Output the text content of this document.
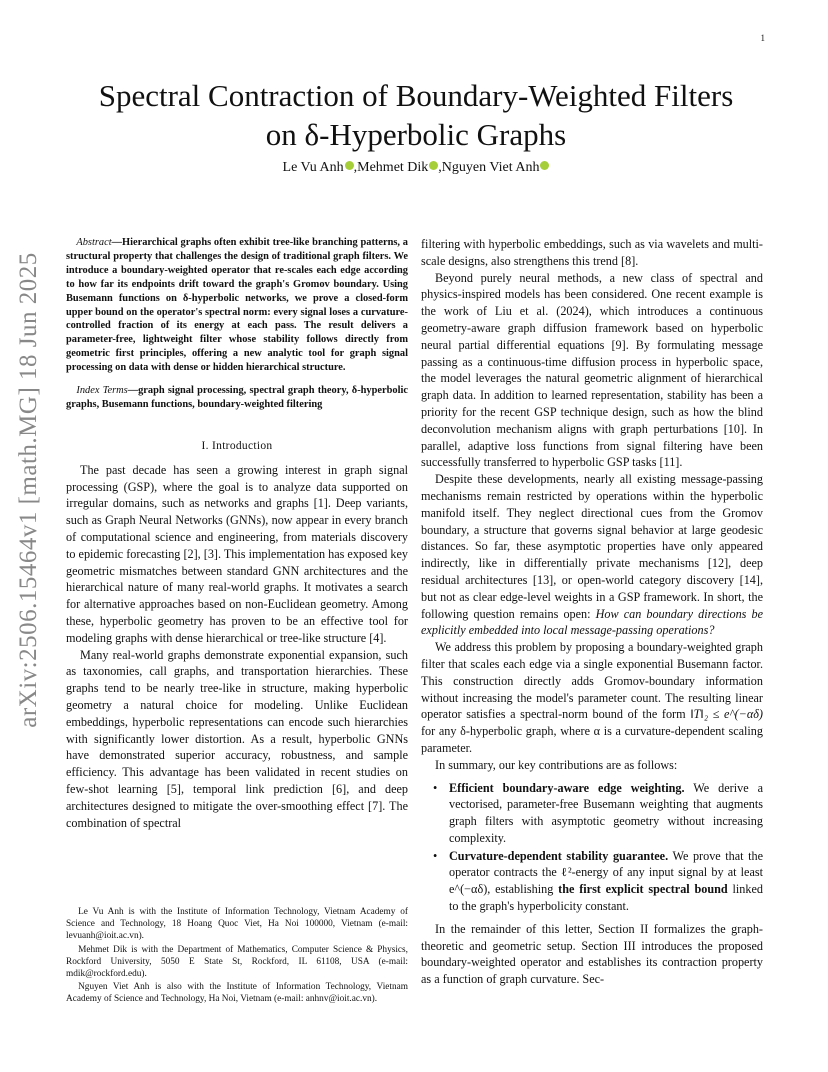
1
arXiv:2506.15464v1 [math.MG] 18 Jun 2025
Spectral Contraction of Boundary-Weighted Filters
on δ-Hyperbolic Graphs
Le Vu Anh ,Mehmet Dik ,Nguyen Viet Anh

Abstract—Hierarchical graphs often exhibit tree-like branching patterns, a structural property that challenges the design of traditional graph filters. We introduce a boundary-weighted operator that re-scales each edge according to how far its endpoints drift toward the graph's Gromov boundary. Using Busemann functions on δ-hyperbolic networks, we prove a closed-form upper bound on the operator's spectral norm: every signal loses a curvature-controlled fraction of its energy at each pass. The result delivers a parameter-free, lightweight filter whose stability follows directly from geometric first principles, offering a new analytic tool for graph signal processing on data with dense or hidden hierarchical structure.

Index Terms—graph signal processing, spectral graph theory, δ-hyperbolic graphs, Busemann functions, boundary-weighted filtering

I. Introduction

The past decade has seen a growing interest in graph signal processing (GSP), where the goal is to analyze data supported on irregular domains, such as networks and graphs [1]. Deep variants, such as Graph Neural Networks (GNNs), now appear in every branch of computational science and engineering, from materials discovery to epidemic forecasting [2], [3]. This implementation has exposed key geometric mismatches between standard GNN architectures and the hierarchical nature of many real-world graphs. It motivates a search for alternative approaches based on non-Euclidean geometry. Among these, hyperbolic geometry has proven to be an effective tool for modeling graphs with dense hierarchical or tree-like structure [4].

Many real-world graphs demonstrate exponential expansion, such as taxonomies, call graphs, and transportation hierarchies. These graphs tend to be nearly tree-like in structure, making hyperbolic geometry a natural choice for modeling. Unlike Euclidean embeddings, hyperbolic representations can encode such hierarchies with significantly lower distortion. As a result, hyperbolic GNNs have demonstrated superior accuracy, robustness, and sample efficiency. This advantage has been validated in recent studies on few-shot learning [5], temporal link prediction [6], and deep architectures designed to mitigate the over-smoothing effect [7]. The combination of spectral

Le Vu Anh is with the Institute of Information Technology, Vietnam Academy of Science and Technology, 18 Hoang Quoc Viet, Ha Noi 100000, Vietnam (e-mail: levuanh@ioit.ac.vn).

Mehmet Dik is with the Department of Mathematics, Computer Science & Physics, Rockford University, 5050 E State St, Rockford, IL 61108, USA (e-mail: mdik@rockford.edu).

Nguyen Viet Anh is also with the Institute of Information Technology, Vietnam Academy of Science and Technology, Ha Noi, Vietnam (e-mail: anhnv@ioit.ac.vn).

filtering with hyperbolic embeddings, such as via wavelets and multi-scale designs, also strengthens this trend [8].

Beyond purely neural methods, a new class of spectral and physics-inspired models has been considered. One recent example is the work of Liu et al. (2024), which introduces a continuous geometry-aware graph diffusion framework based on hyperbolic neural partial differential equations [9]. By formulating message passing as a continuous-time diffusion process in hyperbolic space, the model leverages the natural geometric alignment of hierarchical graph data. In addition to learned representation, stability has been a priority for the recent GSP technique design, such as how the blind deconvolution mechanism aligns with graph perturbations [10]. In parallel, adaptive loss functions from signal filtering have been successfully transferred to hyperbolic GSP tasks [11].

Despite these developments, nearly all existing message-passing mechanisms remain restricted by operations within the hyperbolic manifold itself. They neglect directional cues from the Gromov boundary, a structure that governs signal behavior at large geodesic distances. So far, these asymptotic properties have only appeared indirectly, like in differentially private mechanisms [12], deep residual architectures [13], or open-world category discovery [14], but not as clear edge-level weights in a GSP framework. In short, the following question remains open: How can boundary directions be explicitly embedded into local message-passing operations?

We address this problem by proposing a boundary-weighted graph filter that scales each edge via a single exponential Busemann factor. This construction directly adds Gromov-boundary information without increasing the model's parameter count. The resulting linear operator satisfies a spectral-norm bound of the form ‖T‖₂ ≤ e^(−αδ) for any δ-hyperbolic graph, where α is a curvature-dependent scaling parameter.

In summary, our key contributions are as follows:

• Efficient boundary-aware edge weighting. We derive a vectorised, parameter-free Busemann weighting that augments graph filters with asymptotic geometry without increasing complexity.
• Curvature-dependent stability guarantee. We prove that the operator contracts the ℓ²-energy of any input signal by at least e^(−αδ), establishing the first explicit spectral bound linked to the graph's hyperbolicity constant.

In the remainder of this letter, Section II formalizes the graph-theoretic and geometric setup. Section III introduces the proposed boundary-weighted operator and establishes its contraction property as a function of graph curvature. Sec-
